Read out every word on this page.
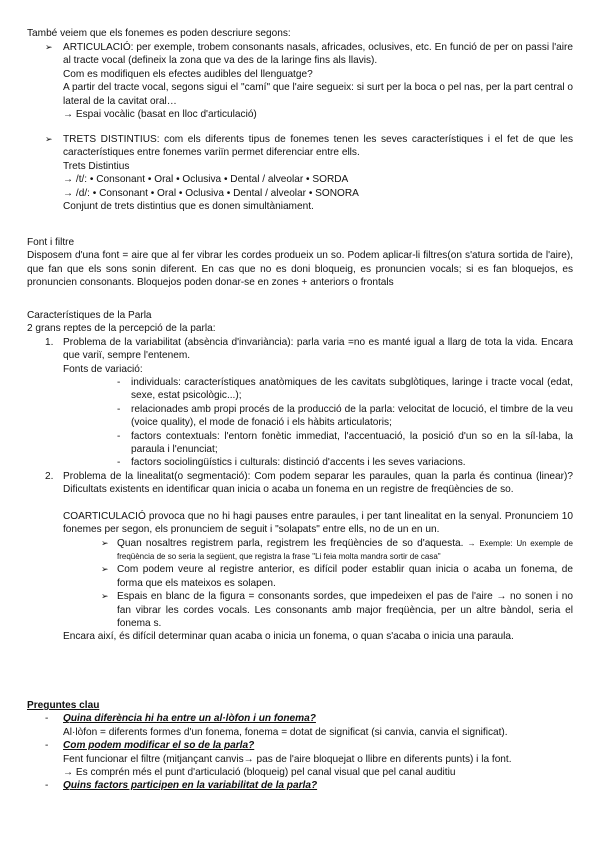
També veiem que els fonemes es poden descriure segons:

➢ ARTICULACIÓ: per exemple, trobem consonants nasals, africades, oclusives, etc. En funció de per on passi l'aire al tracte vocal (defineix la zona que va des de la laringe fins als llavis).

Com es modifiquen els efectes audibles del llenguatge?

A partir del tracte vocal, segons sigui el "camí" que l'aire segueix: si surt per la boca o pel nas, per la part central o lateral de la cavitat oral…

→ Espai vocàlic (basat en lloc d'articulació)

➢ TRETS DISTINTIUS: com els diferents tipus de fonemes tenen les seves característiques i el fet de que les característiques entre fonemes variïn permet diferenciar entre ells.

Trets Distintius

→ /t/: • Consonant • Oral • Oclusiva • Dental / alveolar • SORDA

→ /d/: • Consonant • Oral • Oclusiva • Dental / alveolar • SONORA

Conjunt de trets distintius que es donen simultàniament.

Font i filtre

Disposem d'una font = aire que al fer vibrar les cordes produeix un so. Podem aplicar-li filtres(on s'atura sortida de l'aire), que fan que els sons sonin diferent. En cas que no es doni bloqueig, es pronuncien vocals; si es fan bloquejos, es pronuncien consonants. Bloquejos poden donar-se en zones + anteriors o frontals

Característiques de la Parla

2 grans reptes de la percepció de la parla:

1. Problema de la variabilitat (absència d'invariància): parla varia =no es manté igual a llarg de tota la vida. Encara que variï, sempre l'entenem.

Fonts de variació:

- individuals: característiques anatòmiques de les cavitats subglòtiques, laringe i tracte vocal (edat, sexe, estat psicològic...);

- relacionades amb propi procés de la producció de la parla: velocitat de locució, el timbre de la veu (voice quality), el mode de fonació i els hàbits articulatoris;

- factors contextuals: l'entorn fonètic immediat, l'accentuació, la posició d'un so en la síl·laba, la paraula i l'enunciat;

- factors sociolingüístics i culturals: distinció d'accents i les seves variacions.

2. Problema de la linealitat(o segmentació): Com podem separar les paraules, quan la parla és continua (linear)? Dificultats existents en identificar quan inicia o acaba un fonema en un registre de freqüències de so.

COARTICULACIÓ provoca que no hi hagi pauses entre paraules, i per tant linealitat en la senyal. Pronunciem 10 fonemes per segon, els pronunciem de seguit i "solapats" entre ells, no de un en un.

➢ Quan nosaltres registrem parla, registrem les freqüències de so d'aquesta. → Exemple: Un exemple de freqüència de so seria la següent, que registra la frase "Li feia molta mandra sortir de casa"

➢ Com podem veure al registre anterior, es difícil poder establir quan inicia o acaba un fonema, de forma que els mateixos es solapen.

➢ Espais en blanc de la figura = consonants sordes, que impedeixen el pas de l'aire → no sonen i no fan vibrar les cordes vocals. Les consonants amb major freqüència, per un altre bàndol, seria el fonema s.

Encara així, és difícil determinar quan acaba o inicia un fonema, o quan s'acaba o inicia una paraula.

Preguntes clau

- Quina diferència hi ha entre un al·lòfon i un fonema?

Al·lòfon = diferents formes d'un fonema, fonema = dotat de significat (si canvia, canvia el significat).

- Com podem modificar el so de la parla?

Fent funcionar el filtre (mitjançant canvis→ pas de l'aire bloquejat o llibre en diferents punts) i la font.

→ Es comprén més el punt d'articulació (bloqueig) pel canal visual que pel canal auditiu

- Quins factors participen en la variabilitat de la parla?
